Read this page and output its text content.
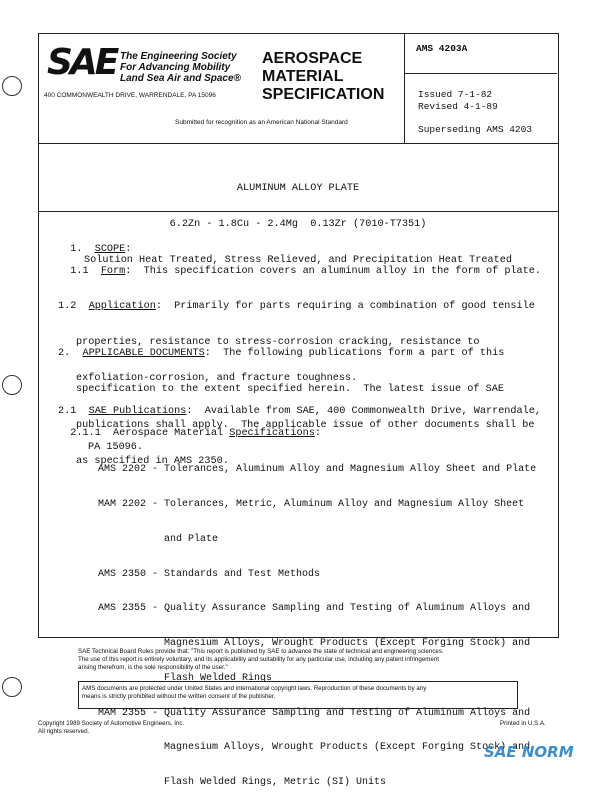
SAE The Engineering Society
For Advancing Mobility
Land Sea Air and Space®
400 COMMONWEALTH DRIVE, WARRENDALE, PA 15096
AEROSPACE
MATERIAL
SPECIFICATION
Submitted for recognition as an American National Standard
AMS 4203A
Issued 7-1-82
Revised 4-1-89
Superseding AMS 4203

ALUMINUM ALLOY PLATE

6.2Zn - 1.8Cu - 2.4Mg  0.13Zr (7010-T7351)

Solution Heat Treated, Stress Relieved, and Precipitation Heat Treated

1. SCOPE:

1.1 Form:  This specification covers an aluminum alloy in the form of plate.

1.2 Application:  Primarily for parts requiring a combination of good tensile

properties, resistance to stress-corrosion cracking, resistance to

exfoliation-corrosion, and fracture toughness.

2. APPLICABLE DOCUMENTS:  The following publications form a part of this

specification to the extent specified herein.  The latest issue of SAE

publications shall apply.  The applicable issue of other documents shall be

as specified in AMS 2350.

2.1 SAE Publications:  Available from SAE, 400 Commonwealth Drive, Warrendale,

PA 15096.

2.1.1 Aerospace Material Specifications:

AMS 2202 - Tolerances, Aluminum Alloy and Magnesium Alloy Sheet and Plate

MAM 2202 - Tolerances, Metric, Aluminum Alloy and Magnesium Alloy Sheet

and Plate

AMS 2350 - Standards and Test Methods

AMS 2355 - Quality Assurance Sampling and Testing of Aluminum Alloys and

Magnesium Alloys, Wrought Products (Except Forging Stock) and

Flash Welded Rings

MAM 2355 - Quality Assurance Sampling and Testing of Aluminum Alloys and

Magnesium Alloys, Wrought Products (Except Forging Stock) and

Flash Welded Rings, Metric (SI) Units

SAE Technical Board Rules provide that: "This report is published by SAE to advance the state of technical and engineering sciences.
The use of this report is entirely voluntary, and its applicability and suitability for any particular use, including any patent infringement
arising therefrom, is the sole responsibility of the user."
AMS documents are protected under United States and international copyright laws. Reproduction of these documents by any
means is strictly prohibited without the written consent of the publisher.
Copyright 1989 Society of Automotive Engineers, Inc.
All rights reserved.
Printed in U.S.A.
SAE NORM
